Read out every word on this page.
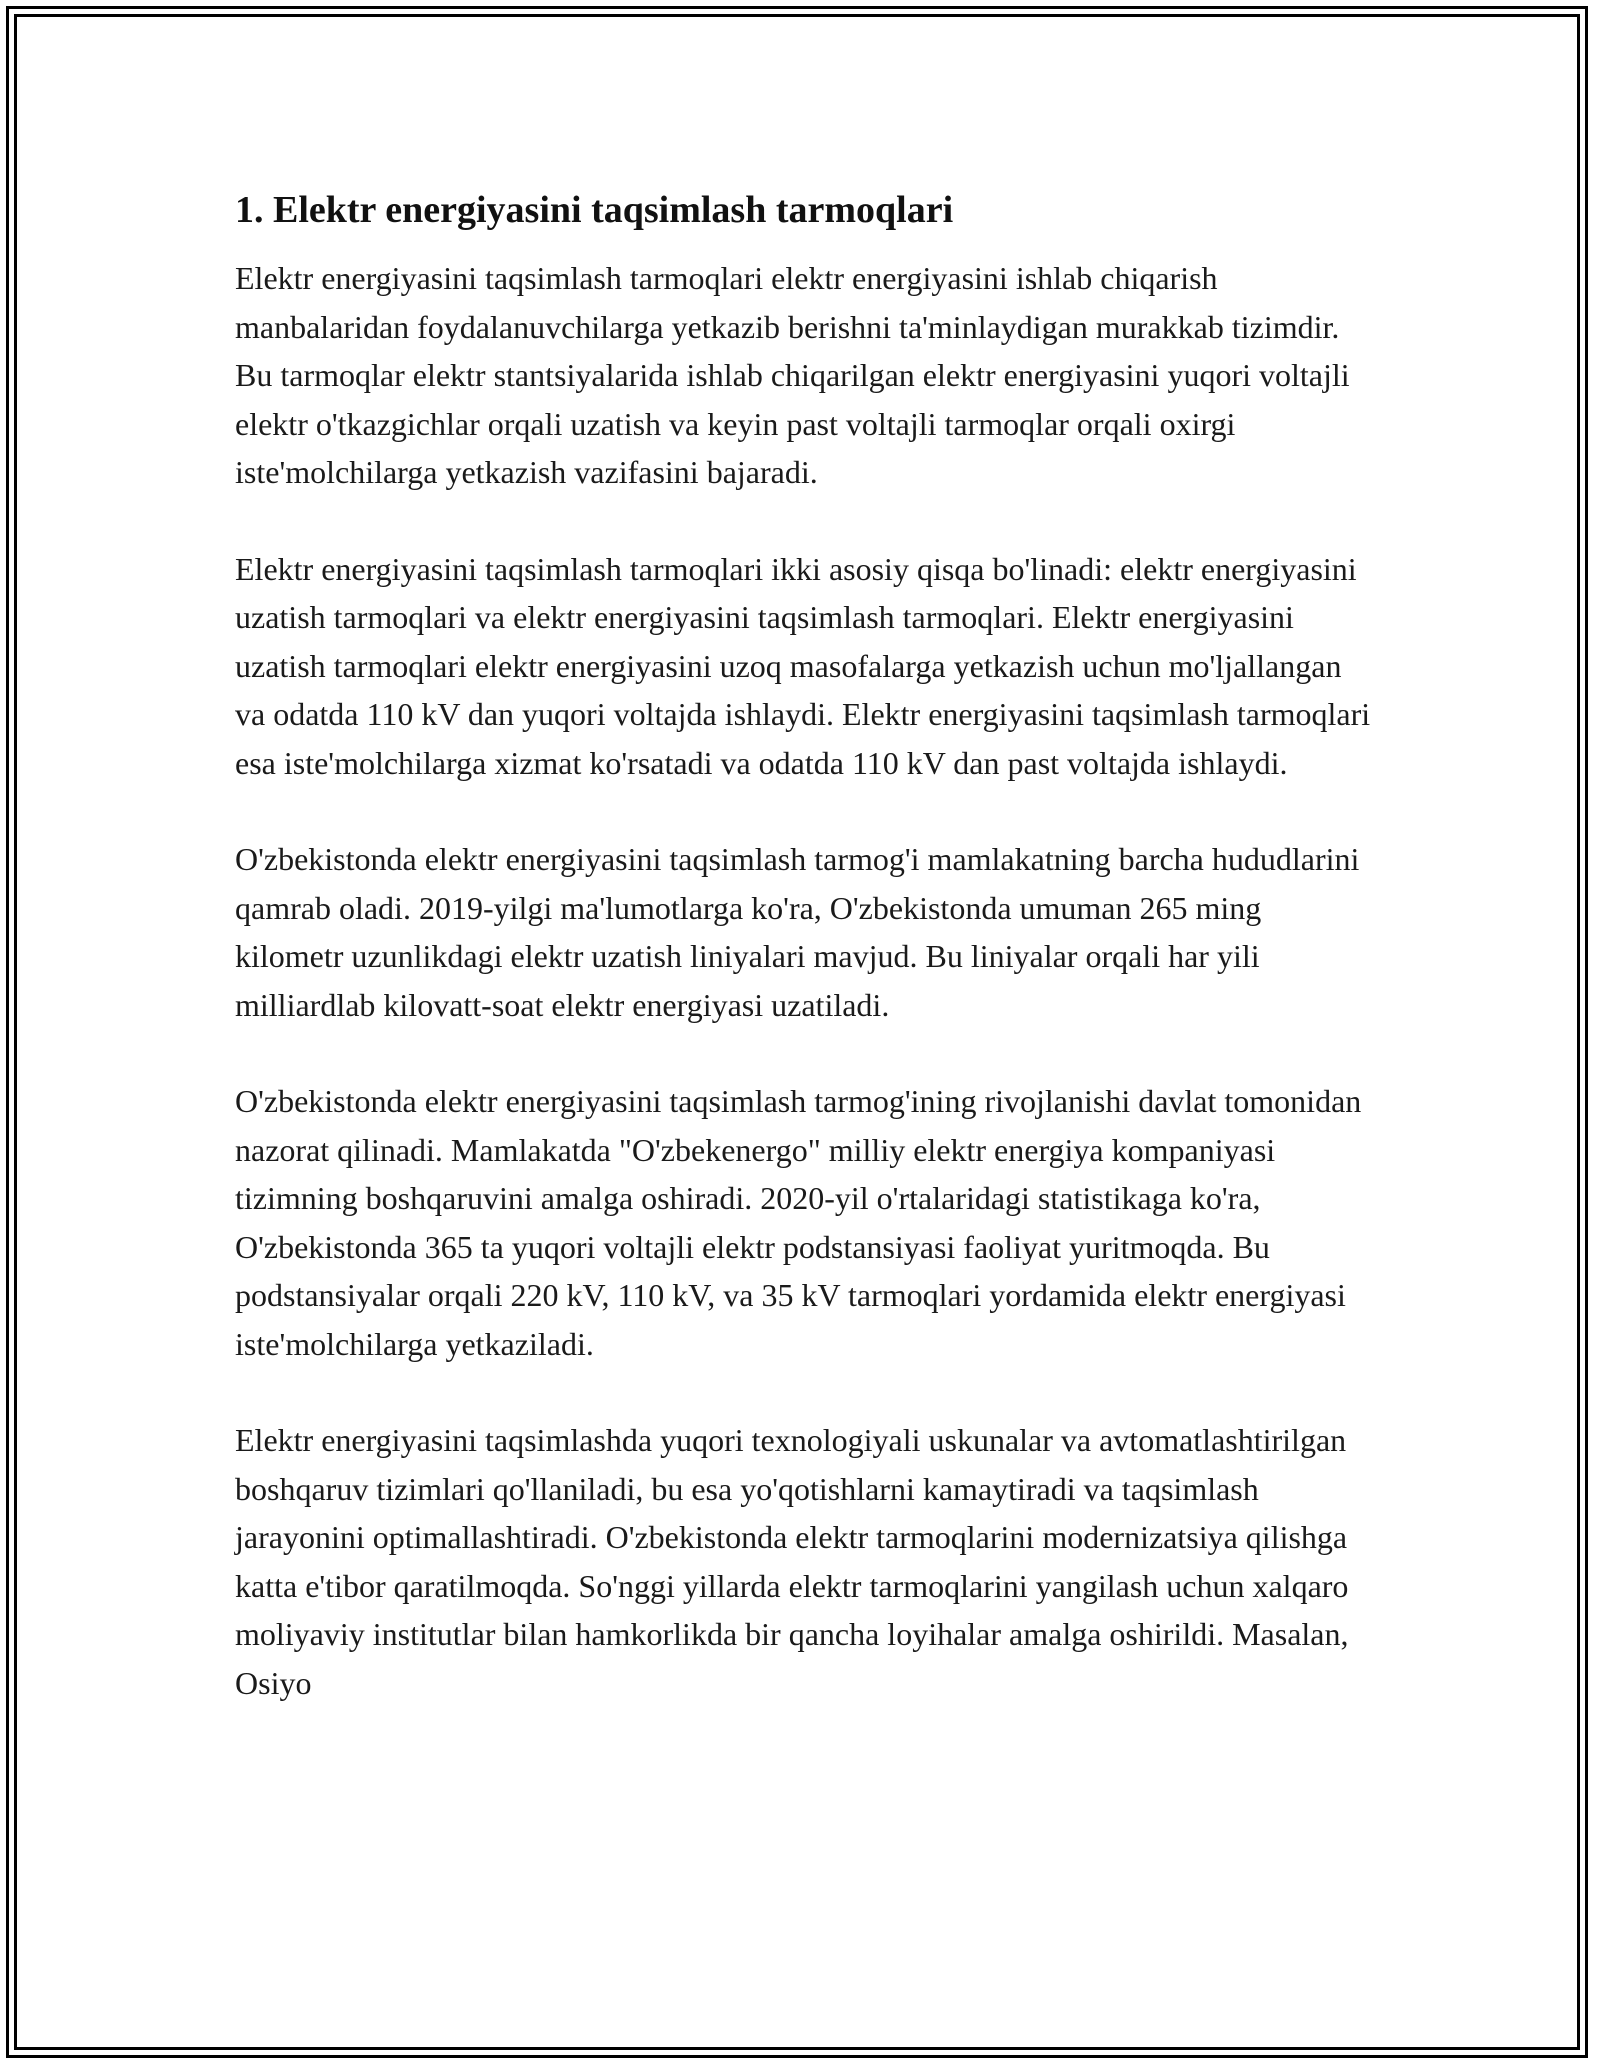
1. Elektr energiyasini taqsimlash tarmoqlari

Elektr energiyasini taqsimlash tarmoqlari elektr energiyasini ishlab chiqarish manbalaridan foydalanuvchilarga yetkazib berishni ta'minlaydigan murakkab tizimdir. Bu tarmoqlar elektr stantsiyalarida ishlab chiqarilgan elektr energiyasini yuqori voltajli elektr o'tkazgichlar orqali uzatish va keyin past voltajli tarmoqlar orqali oxirgi iste'molchilarga yetkazish vazifasini bajaradi.

Elektr energiyasini taqsimlash tarmoqlari ikki asosiy qisqa bo'linadi: elektr energiyasini uzatish tarmoqlari va elektr energiyasini taqsimlash tarmoqlari. Elektr energiyasini uzatish tarmoqlari elektr energiyasini uzoq masofalarga yetkazish uchun mo'ljallangan va odatda 110 kV dan yuqori voltajda ishlaydi. Elektr energiyasini taqsimlash tarmoqlari esa iste'molchilarga xizmat ko'rsatadi va odatda 110 kV dan past voltajda ishlaydi.

O'zbekistonda elektr energiyasini taqsimlash tarmog'i mamlakatning barcha hududlarini qamrab oladi. 2019-yilgi ma'lumotlarga ko'ra, O'zbekistonda umuman 265 ming kilometr uzunlikdagi elektr uzatish liniyalari mavjud. Bu liniyalar orqali har yili milliardlab kilovatt-soat elektr energiyasi uzatiladi.

O'zbekistonda elektr energiyasini taqsimlash tarmog'ining rivojlanishi davlat tomonidan nazorat qilinadi. Mamlakatda "O'zbekenergo" milliy elektr energiya kompaniyasi tizimning boshqaruvini amalga oshiradi. 2020-yil o'rtalaridagi statistikaga ko'ra, O'zbekistonda 365 ta yuqori voltajli elektr podstansiyasi faoliyat yuritmoqda. Bu podstansiyalar orqali 220 kV, 110 kV, va 35 kV tarmoqlari yordamida elektr energiyasi iste'molchilarga yetkaziladi.

Elektr energiyasini taqsimlashda yuqori texnologiyali uskunalar va avtomatlashtirilgan boshqaruv tizimlari qo'llaniladi, bu esa yo'qotishlarni kamaytiradi va taqsimlash jarayonini optimallashtiradi. O'zbekistonda elektr tarmoqlarini modernizatsiya qilishga katta e'tibor qaratilmoqda. So'nggi yillarda elektr tarmoqlarini yangilash uchun xalqaro moliyaviy institutlar bilan hamkorlikda bir qancha loyihalar amalga oshirildi. Masalan, Osiyo
